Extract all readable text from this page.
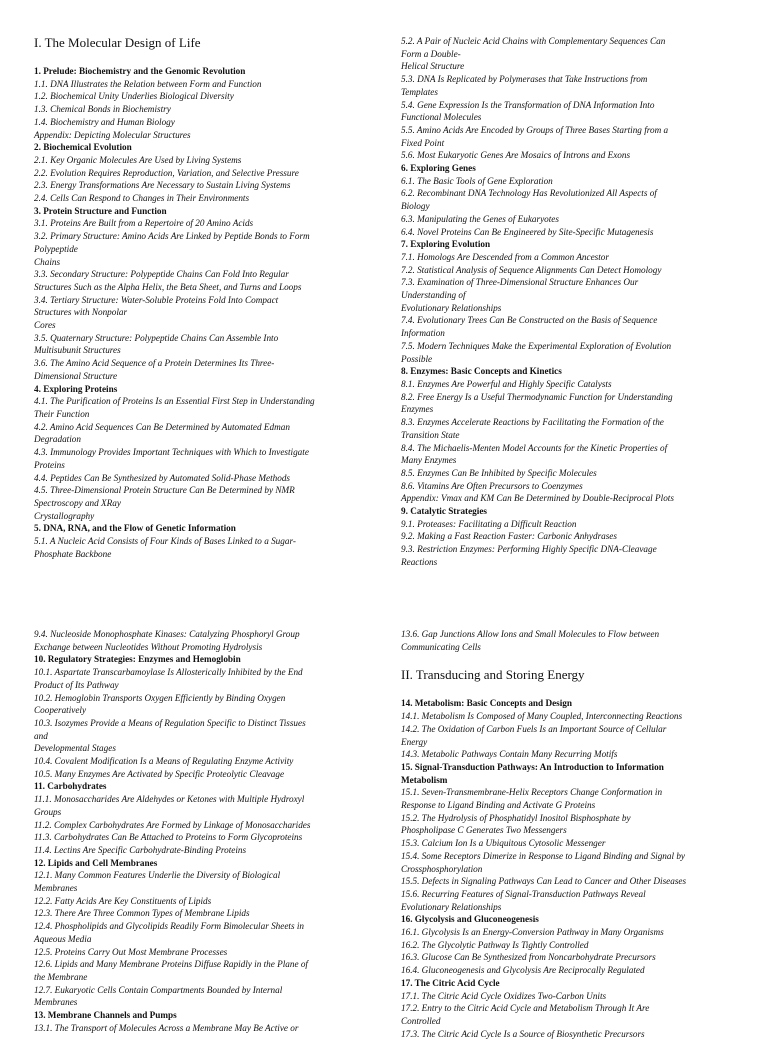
I. The Molecular Design of Life
1. Prelude: Biochemistry and the Genomic Revolution
1.1. DNA Illustrates the Relation between Form and Function
1.2. Biochemical Unity Underlies Biological Diversity
1.3. Chemical Bonds in Biochemistry
1.4. Biochemistry and Human Biology
Appendix: Depicting Molecular Structures
2. Biochemical Evolution
2.1. Key Organic Molecules Are Used by Living Systems
2.2. Evolution Requires Reproduction, Variation, and Selective Pressure
2.3. Energy Transformations Are Necessary to Sustain Living Systems
2.4. Cells Can Respond to Changes in Their Environments
3. Protein Structure and Function
3.1. Proteins Are Built from a Repertoire of 20 Amino Acids
3.2. Primary Structure: Amino Acids Are Linked by Peptide Bonds to Form
Polypeptide
Chains
3.3. Secondary Structure: Polypeptide Chains Can Fold Into Regular
Structures Such as the Alpha Helix, the Beta Sheet, and Turns and Loops
3.4. Tertiary Structure: Water-Soluble Proteins Fold Into Compact
Structures with Nonpolar
Cores
3.5. Quaternary Structure: Polypeptide Chains Can Assemble Into
Multisubunit Structures
3.6. The Amino Acid Sequence of a Protein Determines Its Three-
Dimensional Structure
4. Exploring Proteins
4.1. The Purification of Proteins Is an Essential First Step in Understanding
Their Function
4.2. Amino Acid Sequences Can Be Determined by Automated Edman
Degradation
4.3. Immunology Provides Important Techniques with Which to Investigate
Proteins
4.4. Peptides Can Be Synthesized by Automated Solid-Phase Methods
4.5. Three-Dimensional Protein Structure Can Be Determined by NMR
Spectroscopy and XRay
Crystallography
5. DNA, RNA, and the Flow of Genetic Information
5.1. A Nucleic Acid Consists of Four Kinds of Bases Linked to a Sugar-
Phosphate Backbone
5.2. A Pair of Nucleic Acid Chains with Complementary Sequences Can
Form a Double-
Helical Structure
5.3. DNA Is Replicated by Polymerases that Take Instructions from
Templates
5.4. Gene Expression Is the Transformation of DNA Information Into
Functional Molecules
5.5. Amino Acids Are Encoded by Groups of Three Bases Starting from a
Fixed Point
5.6. Most Eukaryotic Genes Are Mosaics of Introns and Exons
6. Exploring Genes
6.1. The Basic Tools of Gene Exploration
6.2. Recombinant DNA Technology Has Revolutionized All Aspects of
Biology
6.3. Manipulating the Genes of Eukaryotes
6.4. Novel Proteins Can Be Engineered by Site-Specific Mutagenesis
7. Exploring Evolution
7.1. Homologs Are Descended from a Common Ancestor
7.2. Statistical Analysis of Sequence Alignments Can Detect Homology
7.3. Examination of Three-Dimensional Structure Enhances Our
Understanding of
Evolutionary Relationships
7.4. Evolutionary Trees Can Be Constructed on the Basis of Sequence
Information
7.5. Modern Techniques Make the Experimental Exploration of Evolution
Possible
8. Enzymes: Basic Concepts and Kinetics
8.1. Enzymes Are Powerful and Highly Specific Catalysts
8.2. Free Energy Is a Useful Thermodynamic Function for Understanding
Enzymes
8.3. Enzymes Accelerate Reactions by Facilitating the Formation of the
Transition State
8.4. The Michaelis-Menten Model Accounts for the Kinetic Properties of
Many Enzymes
8.5. Enzymes Can Be Inhibited by Specific Molecules
8.6. Vitamins Are Often Precursors to Coenzymes
Appendix: Vmax and KM Can Be Determined by Double-Reciprocal Plots
9. Catalytic Strategies
9.1. Proteases: Facilitating a Difficult Reaction
9.2. Making a Fast Reaction Faster: Carbonic Anhydrases
9.3. Restriction Enzymes: Performing Highly Specific DNA-Cleavage
Reactions
9.4. Nucleoside Monophosphate Kinases: Catalyzing Phosphoryl Group
Exchange between Nucleotides Without Promoting Hydrolysis
10. Regulatory Strategies: Enzymes and Hemoglobin
10.1. Aspartate Transcarbamoylase Is Allosterically Inhibited by the End
Product of Its Pathway
10.2. Hemoglobin Transports Oxygen Efficiently by Binding Oxygen
Cooperatively
10.3. Isozymes Provide a Means of Regulation Specific to Distinct Tissues
and
Developmental Stages
10.4. Covalent Modification Is a Means of Regulating Enzyme Activity
10.5. Many Enzymes Are Activated by Specific Proteolytic Cleavage
11. Carbohydrates
11.1. Monosaccharides Are Aldehydes or Ketones with Multiple Hydroxyl
Groups
11.2. Complex Carbohydrates Are Formed by Linkage of Monosaccharides
11.3. Carbohydrates Can Be Attached to Proteins to Form Glycoproteins
11.4. Lectins Are Specific Carbohydrate-Binding Proteins
12. Lipids and Cell Membranes
12.1. Many Common Features Underlie the Diversity of Biological
Membranes
12.2. Fatty Acids Are Key Constituents of Lipids
12.3. There Are Three Common Types of Membrane Lipids
12.4. Phospholipids and Glycolipids Readily Form Bimolecular Sheets in
Aqueous Media
12.5. Proteins Carry Out Most Membrane Processes
12.6. Lipids and Many Membrane Proteins Diffuse Rapidly in the Plane of
the Membrane
12.7. Eukaryotic Cells Contain Compartments Bounded by Internal
Membranes
13. Membrane Channels and Pumps
13.1. The Transport of Molecules Across a Membrane May Be Active or
13.6. Gap Junctions Allow Ions and Small Molecules to Flow between
Communicating Cells
II. Transducing and Storing Energy
14. Metabolism: Basic Concepts and Design
14.1. Metabolism Is Composed of Many Coupled, Interconnecting Reactions
14.2. The Oxidation of Carbon Fuels Is an Important Source of Cellular
Energy
14.3. Metabolic Pathways Contain Many Recurring Motifs
15. Signal-Transduction Pathways: An Introduction to Information
Metabolism
15.1. Seven-Transmembrane-Helix Receptors Change Conformation in
Response to Ligand Binding and Activate G Proteins
15.2. The Hydrolysis of Phosphatidyl Inositol Bisphosphate by
Phospholipase C Generates Two Messengers
15.3. Calcium Ion Is a Ubiquitous Cytosolic Messenger
15.4. Some Receptors Dimerize in Response to Ligand Binding and Signal by
Crossphosphorylation
15.5. Defects in Signaling Pathways Can Lead to Cancer and Other Diseases
15.6. Recurring Features of Signal-Transduction Pathways Reveal
Evolutionary Relationships
16. Glycolysis and Gluconeogenesis
16.1. Glycolysis Is an Energy-Conversion Pathway in Many Organisms
16.2. The Glycolytic Pathway Is Tightly Controlled
16.3. Glucose Can Be Synthesized from Noncarbohydrate Precursors
16.4. Gluconeogenesis and Glycolysis Are Reciprocally Regulated
17. The Citric Acid Cycle
17.1. The Citric Acid Cycle Oxidizes Two-Carbon Units
17.2. Entry to the Citric Acid Cycle and Metabolism Through It Are
Controlled
17.3. The Citric Acid Cycle Is a Source of Biosynthetic Precursors
